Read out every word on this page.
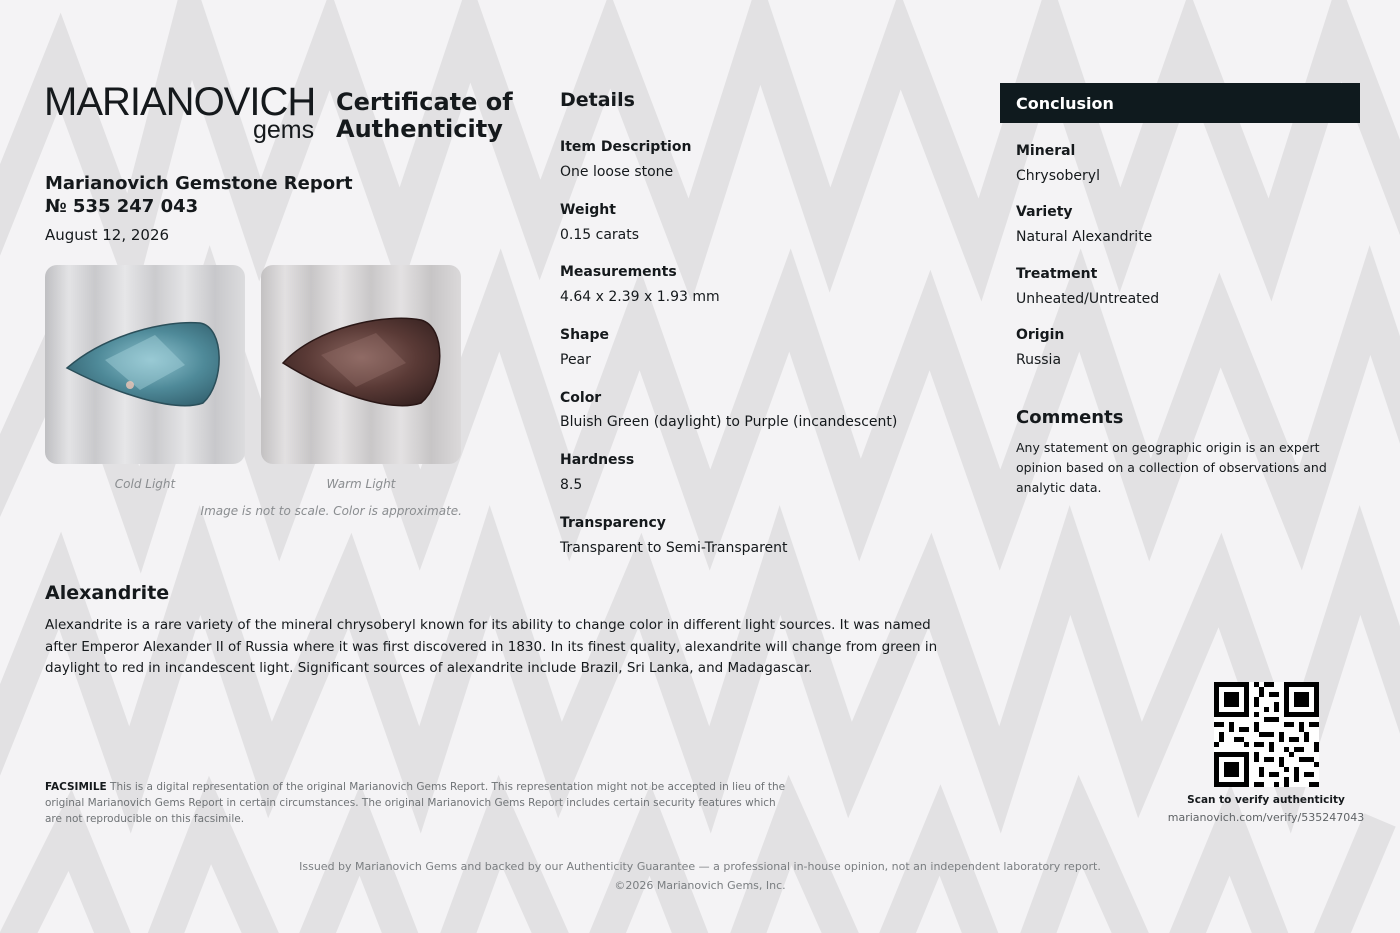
MARIANOVICH
gems
Certificate of
Authenticity
Marianovich Gemstone Report
№ 535 247 043
August 12, 2026
Cold Light	Warm Light
Image is not to scale. Color is approximate.
Details
Item Description
One loose stone
Weight
0.15 carats
Measurements
4.64 x 2.39 x 1.93 mm
Shape
Pear
Color
Bluish Green (daylight) to Purple (incandescent)
Hardness
8.5
Transparency
Transparent to Semi-Transparent
Conclusion
Mineral
Chrysoberyl
Variety
Natural Alexandrite
Treatment
Unheated/Untreated
Origin
Russia
Comments
Any statement on geographic origin is an expert opinion based on a collection of observations and analytic data.
Alexandrite
Alexandrite is a rare variety of the mineral chrysoberyl known for its ability to change color in different light sources. It was named after Emperor Alexander II of Russia where it was first discovered in 1830. In its finest quality, alexandrite will change from green in daylight to red in incandescent light. Significant sources of alexandrite include Brazil, Sri Lanka, and Madagascar.
FACSIMILE This is a digital representation of the original Marianovich Gems Report. This representation might not be accepted in lieu of the original Marianovich Gems Report in certain circumstances. The original Marianovich Gems Report includes certain security features which are not reproducible on this facsimile.
Scan to verify authenticity
marianovich.com/verify/535247043
Issued by Marianovich Gems and backed by our Authenticity Guarantee — a professional in-house opinion, not an independent laboratory report.
©2026 Marianovich Gems, Inc.
